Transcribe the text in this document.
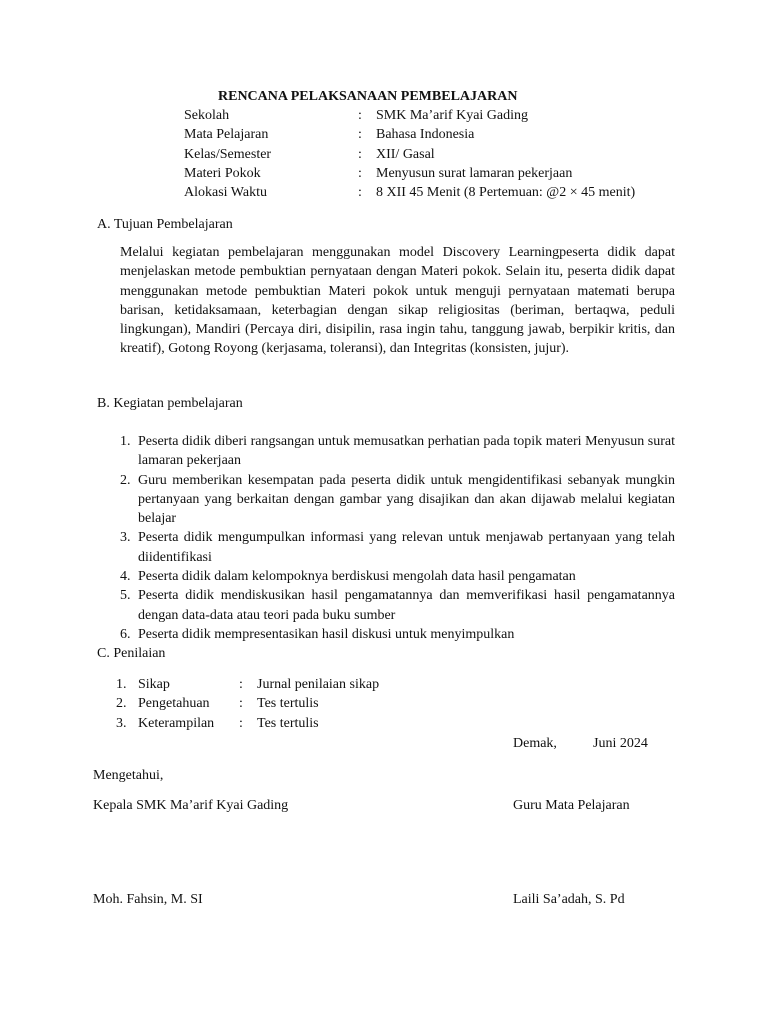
RENCANA PELAKSANAAN PEMBELAJARAN
Sekolah	: SMK Ma’arif Kyai Gading
Mata Pelajaran	: Bahasa Indonesia
Kelas/Semester	: XII/ Gasal
Materi Pokok	: Menyusun surat lamaran pekerjaan
Alokasi Waktu	: 8 XII 45 Menit (8 Pertemuan: @2 × 45 menit)
A. Tujuan Pembelajaran
Melalui kegiatan pembelajaran menggunakan model Discovery Learningpeserta didik dapat menjelaskan metode pembuktian pernyataan dengan Materi pokok. Selain itu, peserta didik dapat menggunakan metode pembuktian Materi pokok untuk menguji pernyataan matemati berupa barisan, ketidaksamaan, keterbagian dengan sikap religiositas (beriman, bertaqwa, peduli lingkungan), Mandiri (Percaya diri, disipilin, rasa ingin tahu, tanggung jawab, berpikir kritis, dan kreatif), Gotong Royong (kerjasama, toleransi), dan Integritas (konsisten, jujur).
B. Kegiatan pembelajaran
1. Peserta didik diberi rangsangan untuk memusatkan perhatian pada topik materi Menyusun surat lamaran pekerjaan
2. Guru memberikan kesempatan pada peserta didik untuk mengidentifikasi sebanyak mungkin pertanyaan yang berkaitan dengan gambar yang disajikan dan akan dijawab melalui kegiatan belajar
3. Peserta didik mengumpulkan informasi yang relevan untuk menjawab pertanyaan yang telah diidentifikasi
4. Peserta didik dalam kelompoknya berdiskusi mengolah data hasil pengamatan
5. Peserta didik mendiskusikan hasil pengamatannya dan memverifikasi hasil pengamatannya dengan data-data atau teori pada buku sumber
6. Peserta didik mempresentasikan hasil diskusi untuk menyimpulkan
C. Penilaian
1. Sikap	: Jurnal penilaian sikap
2. Pengetahuan : Tes tertulis
3. Keterampilan : Tes tertulis
Demak,	Juni 2024
Mengetahui,
Kepala SMK Ma’arif Kyai Gading	Guru Mata Pelajaran
Moh. Fahsin, M. SI	Laili Sa’adah, S. Pd
